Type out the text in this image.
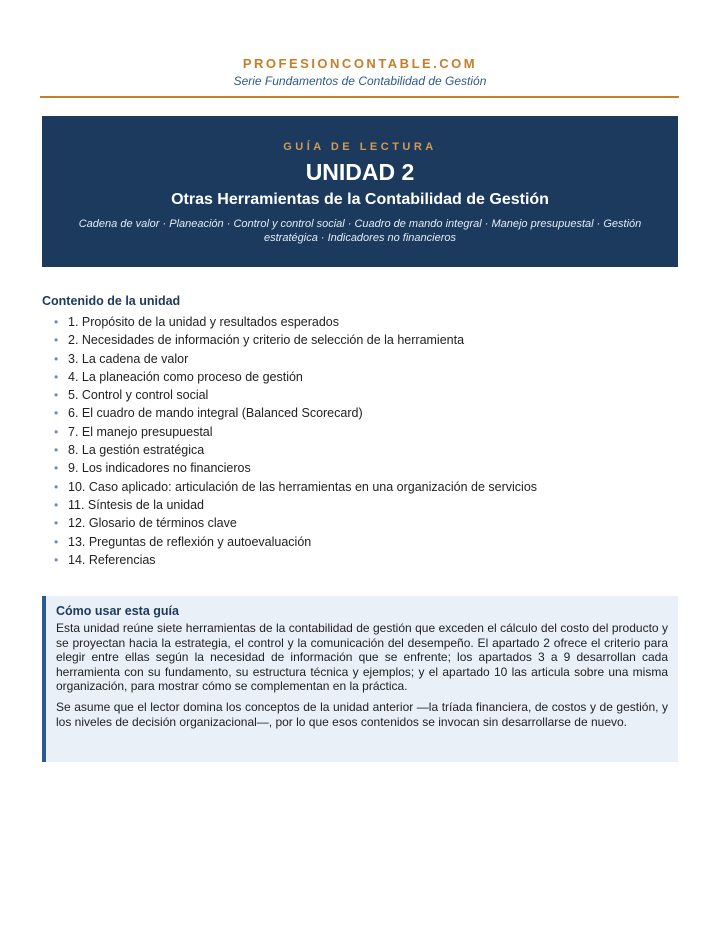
PROFESIONCONTABLE.COM
Serie Fundamentos de Contabilidad de Gestión
GUÍA DE LECTURA
UNIDAD 2
Otras Herramientas de la Contabilidad de Gestión
Cadena de valor · Planeación · Control y control social · Cuadro de mando integral · Manejo presupuestal · Gestión estratégica · Indicadores no financieros
Contenido de la unidad
• 1. Propósito de la unidad y resultados esperados
• 2. Necesidades de información y criterio de selección de la herramienta
• 3. La cadena de valor
• 4. La planeación como proceso de gestión
• 5. Control y control social
• 6. El cuadro de mando integral (Balanced Scorecard)
• 7. El manejo presupuestal
• 8. La gestión estratégica
• 9. Los indicadores no financieros
• 10. Caso aplicado: articulación de las herramientas en una organización de servicios
• 11. Síntesis de la unidad
• 12. Glosario de términos clave
• 13. Preguntas de reflexión y autoevaluación
• 14. Referencias
Cómo usar esta guía

Esta unidad reúne siete herramientas de la contabilidad de gestión que exceden el cálculo del costo del producto y se proyectan hacia la estrategia, el control y la comunicación del desempeño. El apartado 2 ofrece el criterio para elegir entre ellas según la necesidad de información que se enfrente; los apartados 3 a 9 desarrollan cada herramienta con su fundamento, su estructura técnica y ejemplos; y el apartado 10 las articula sobre una misma organización, para mostrar cómo se complementan en la práctica.

Se asume que el lector domina los conceptos de la unidad anterior —la tríada financiera, de costos y de gestión, y los niveles de decisión organizacional—, por lo que esos contenidos se invocan sin desarrollarse de nuevo.
